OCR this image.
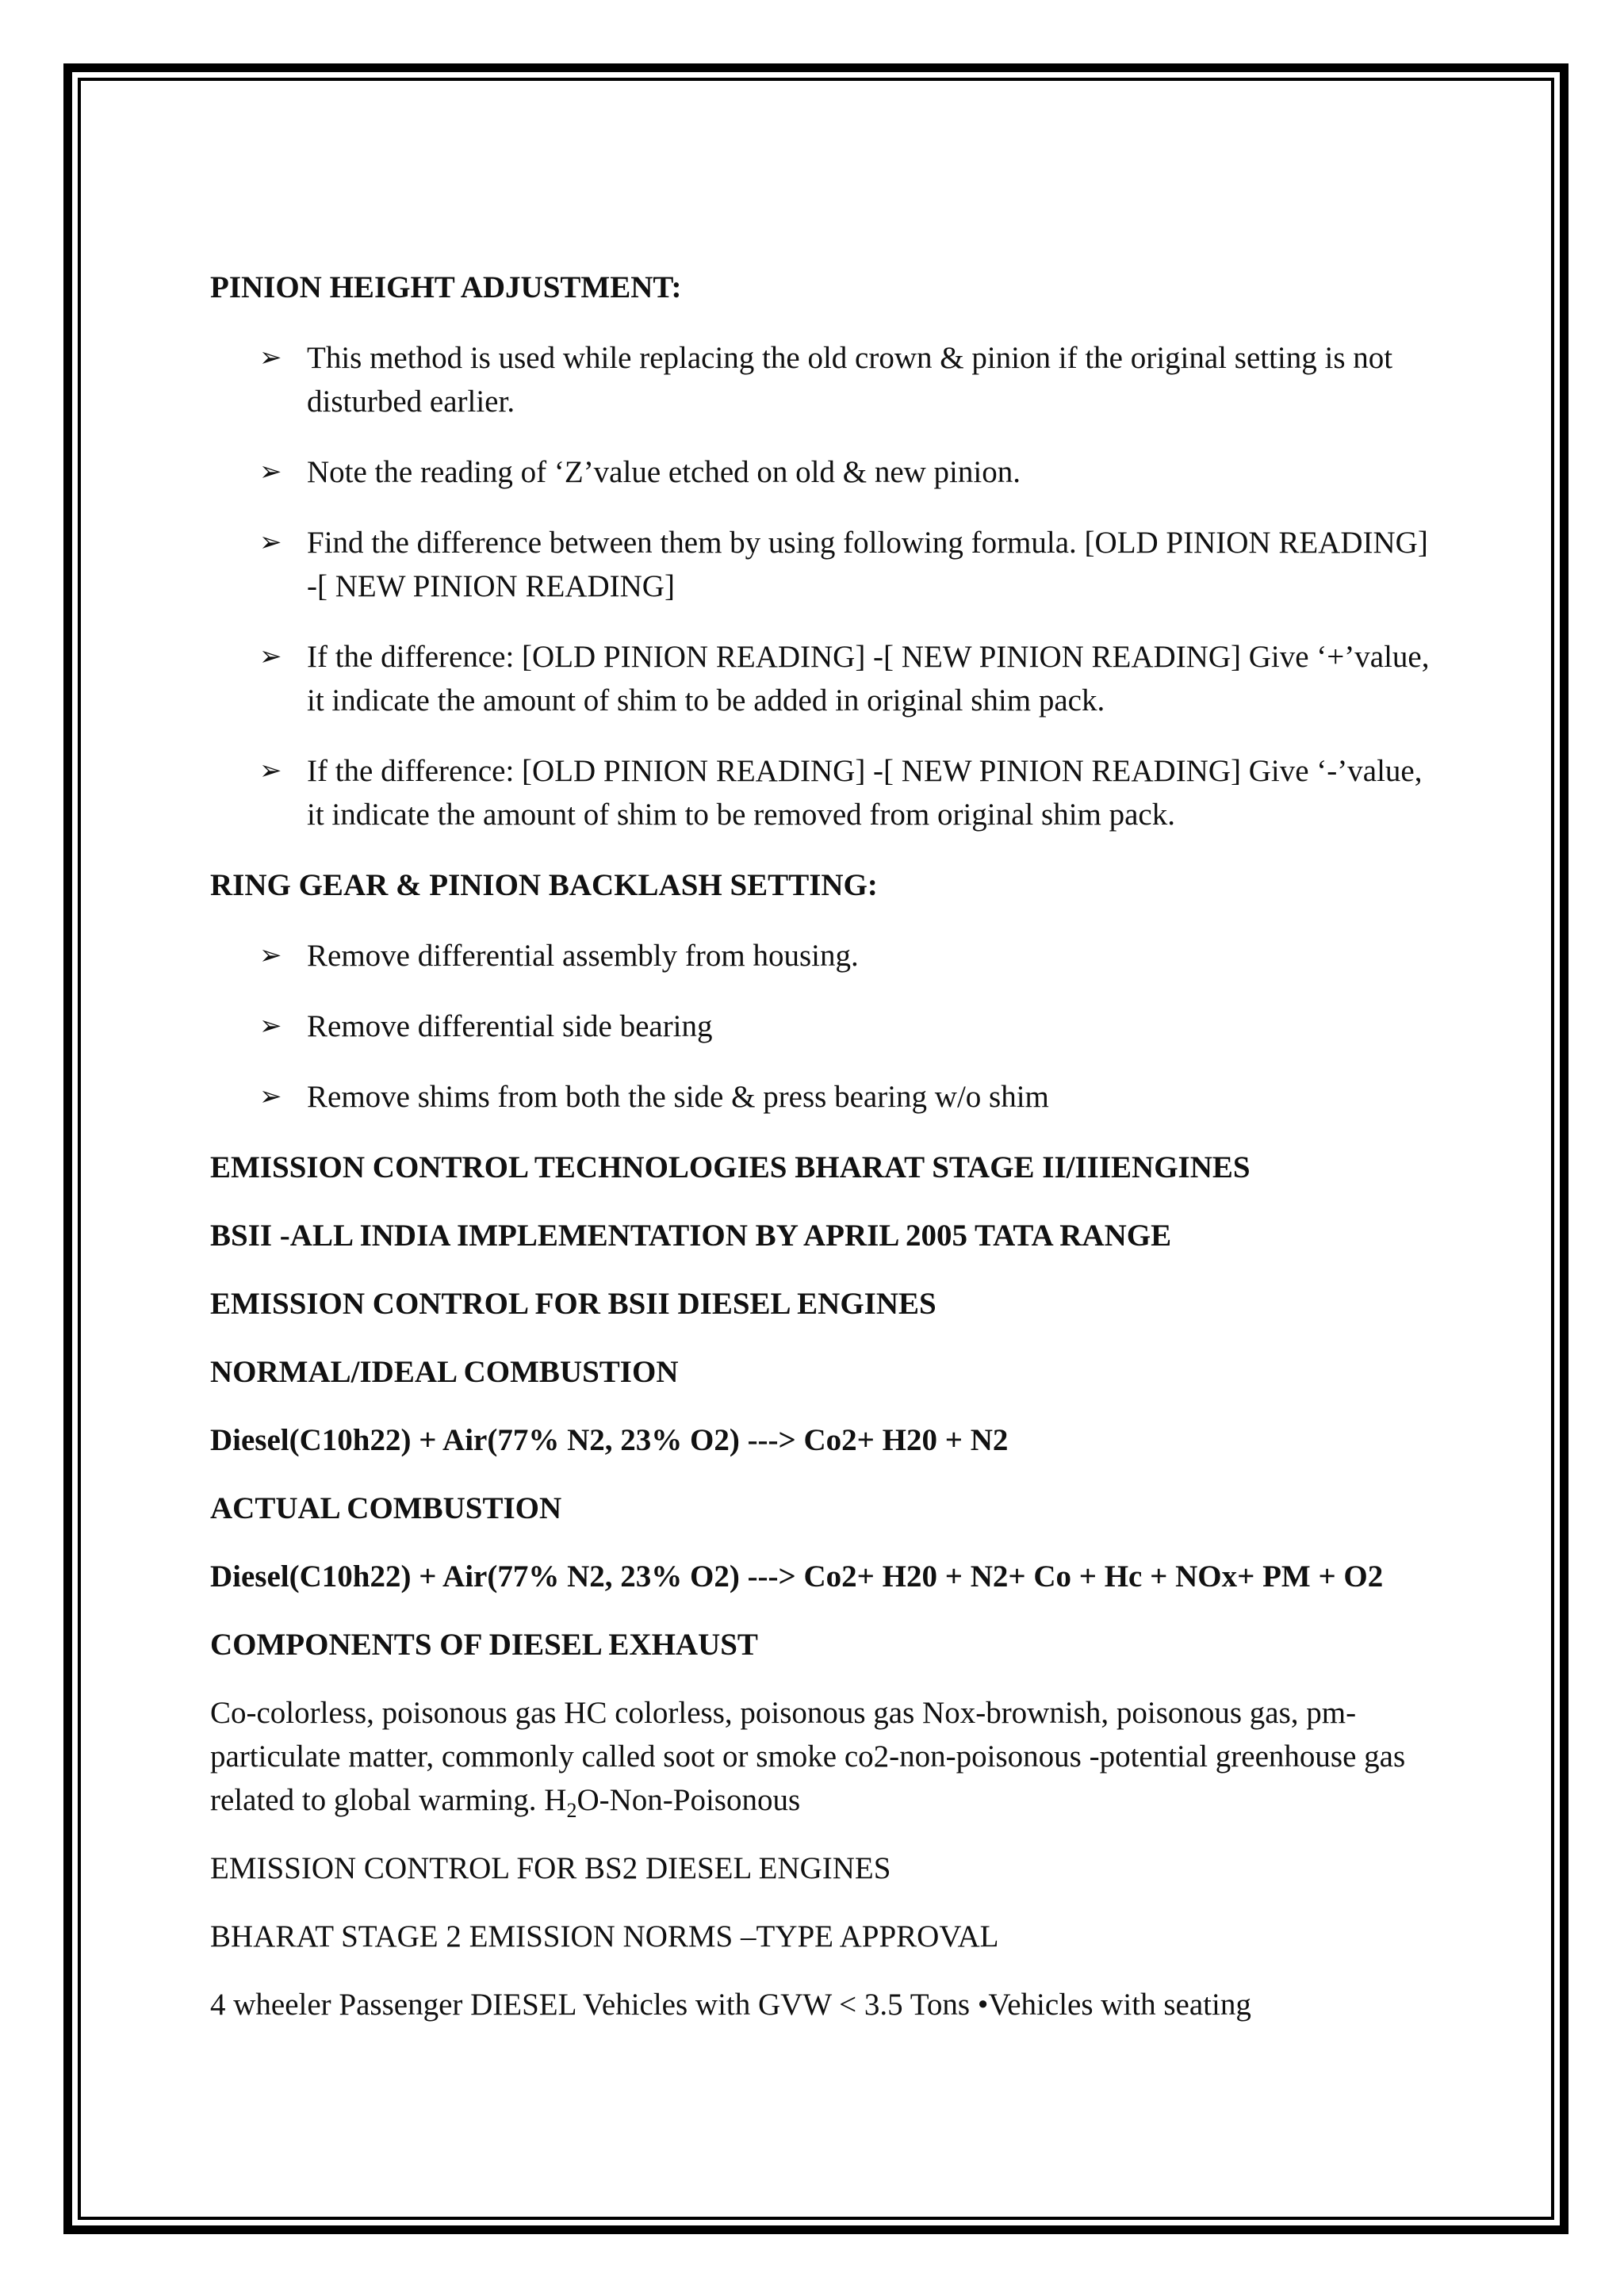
PINION HEIGHT ADJUSTMENT:
➢ This method is used while replacing the old crown & pinion if the original setting is not disturbed earlier.
➢ Note the reading of ‘Z’value etched on old & new pinion.
➢ Find the difference between them by using following formula. [OLD PINION READING] -[ NEW PINION READING]
➢ If the difference: [OLD PINION READING] -[ NEW PINION READING] Give ‘+’value, it indicate the amount of shim to be added in original shim pack.
➢ If the difference: [OLD PINION READING] -[ NEW PINION READING] Give ‘-’value, it indicate the amount of shim to be removed from original shim pack.
RING GEAR & PINION BACKLASH SETTING:
➢ Remove differential assembly from housing.
➢ Remove differential side bearing
➢ Remove shims from both the side & press bearing w/o shim
EMISSION CONTROL TECHNOLOGIES BHARAT STAGE II/IIIENGINES
BSII -ALL INDIA IMPLEMENTATION BY APRIL 2005 TATA RANGE
EMISSION CONTROL FOR BSII DIESEL ENGINES
NORMAL/IDEAL COMBUSTION
Diesel(C10h22) + Air(77% N2, 23% O2) ---> Co2+ H20 + N2
ACTUAL COMBUSTION
Diesel(C10h22) + Air(77% N2, 23% O2) ---> Co2+ H20 + N2+ Co + Hc + NOx+ PM + O2
COMPONENTS OF DIESEL EXHAUST
Co-colorless, poisonous gas HC colorless, poisonous gas Nox-brownish, poisonous gas, pm-particulate matter, commonly called soot or smoke co2-non-poisonous -potential greenhouse gas related to global warming. $H_2O-Non$-Poisonous
EMISSION CONTROL FOR BS2 DIESEL ENGINES
BHARAT STAGE 2 EMISSION NORMS –TYPE APPROVAL
4 wheeler Passenger DIESEL Vehicles with GVW < 3.5 Tons •Vehicles with seating
